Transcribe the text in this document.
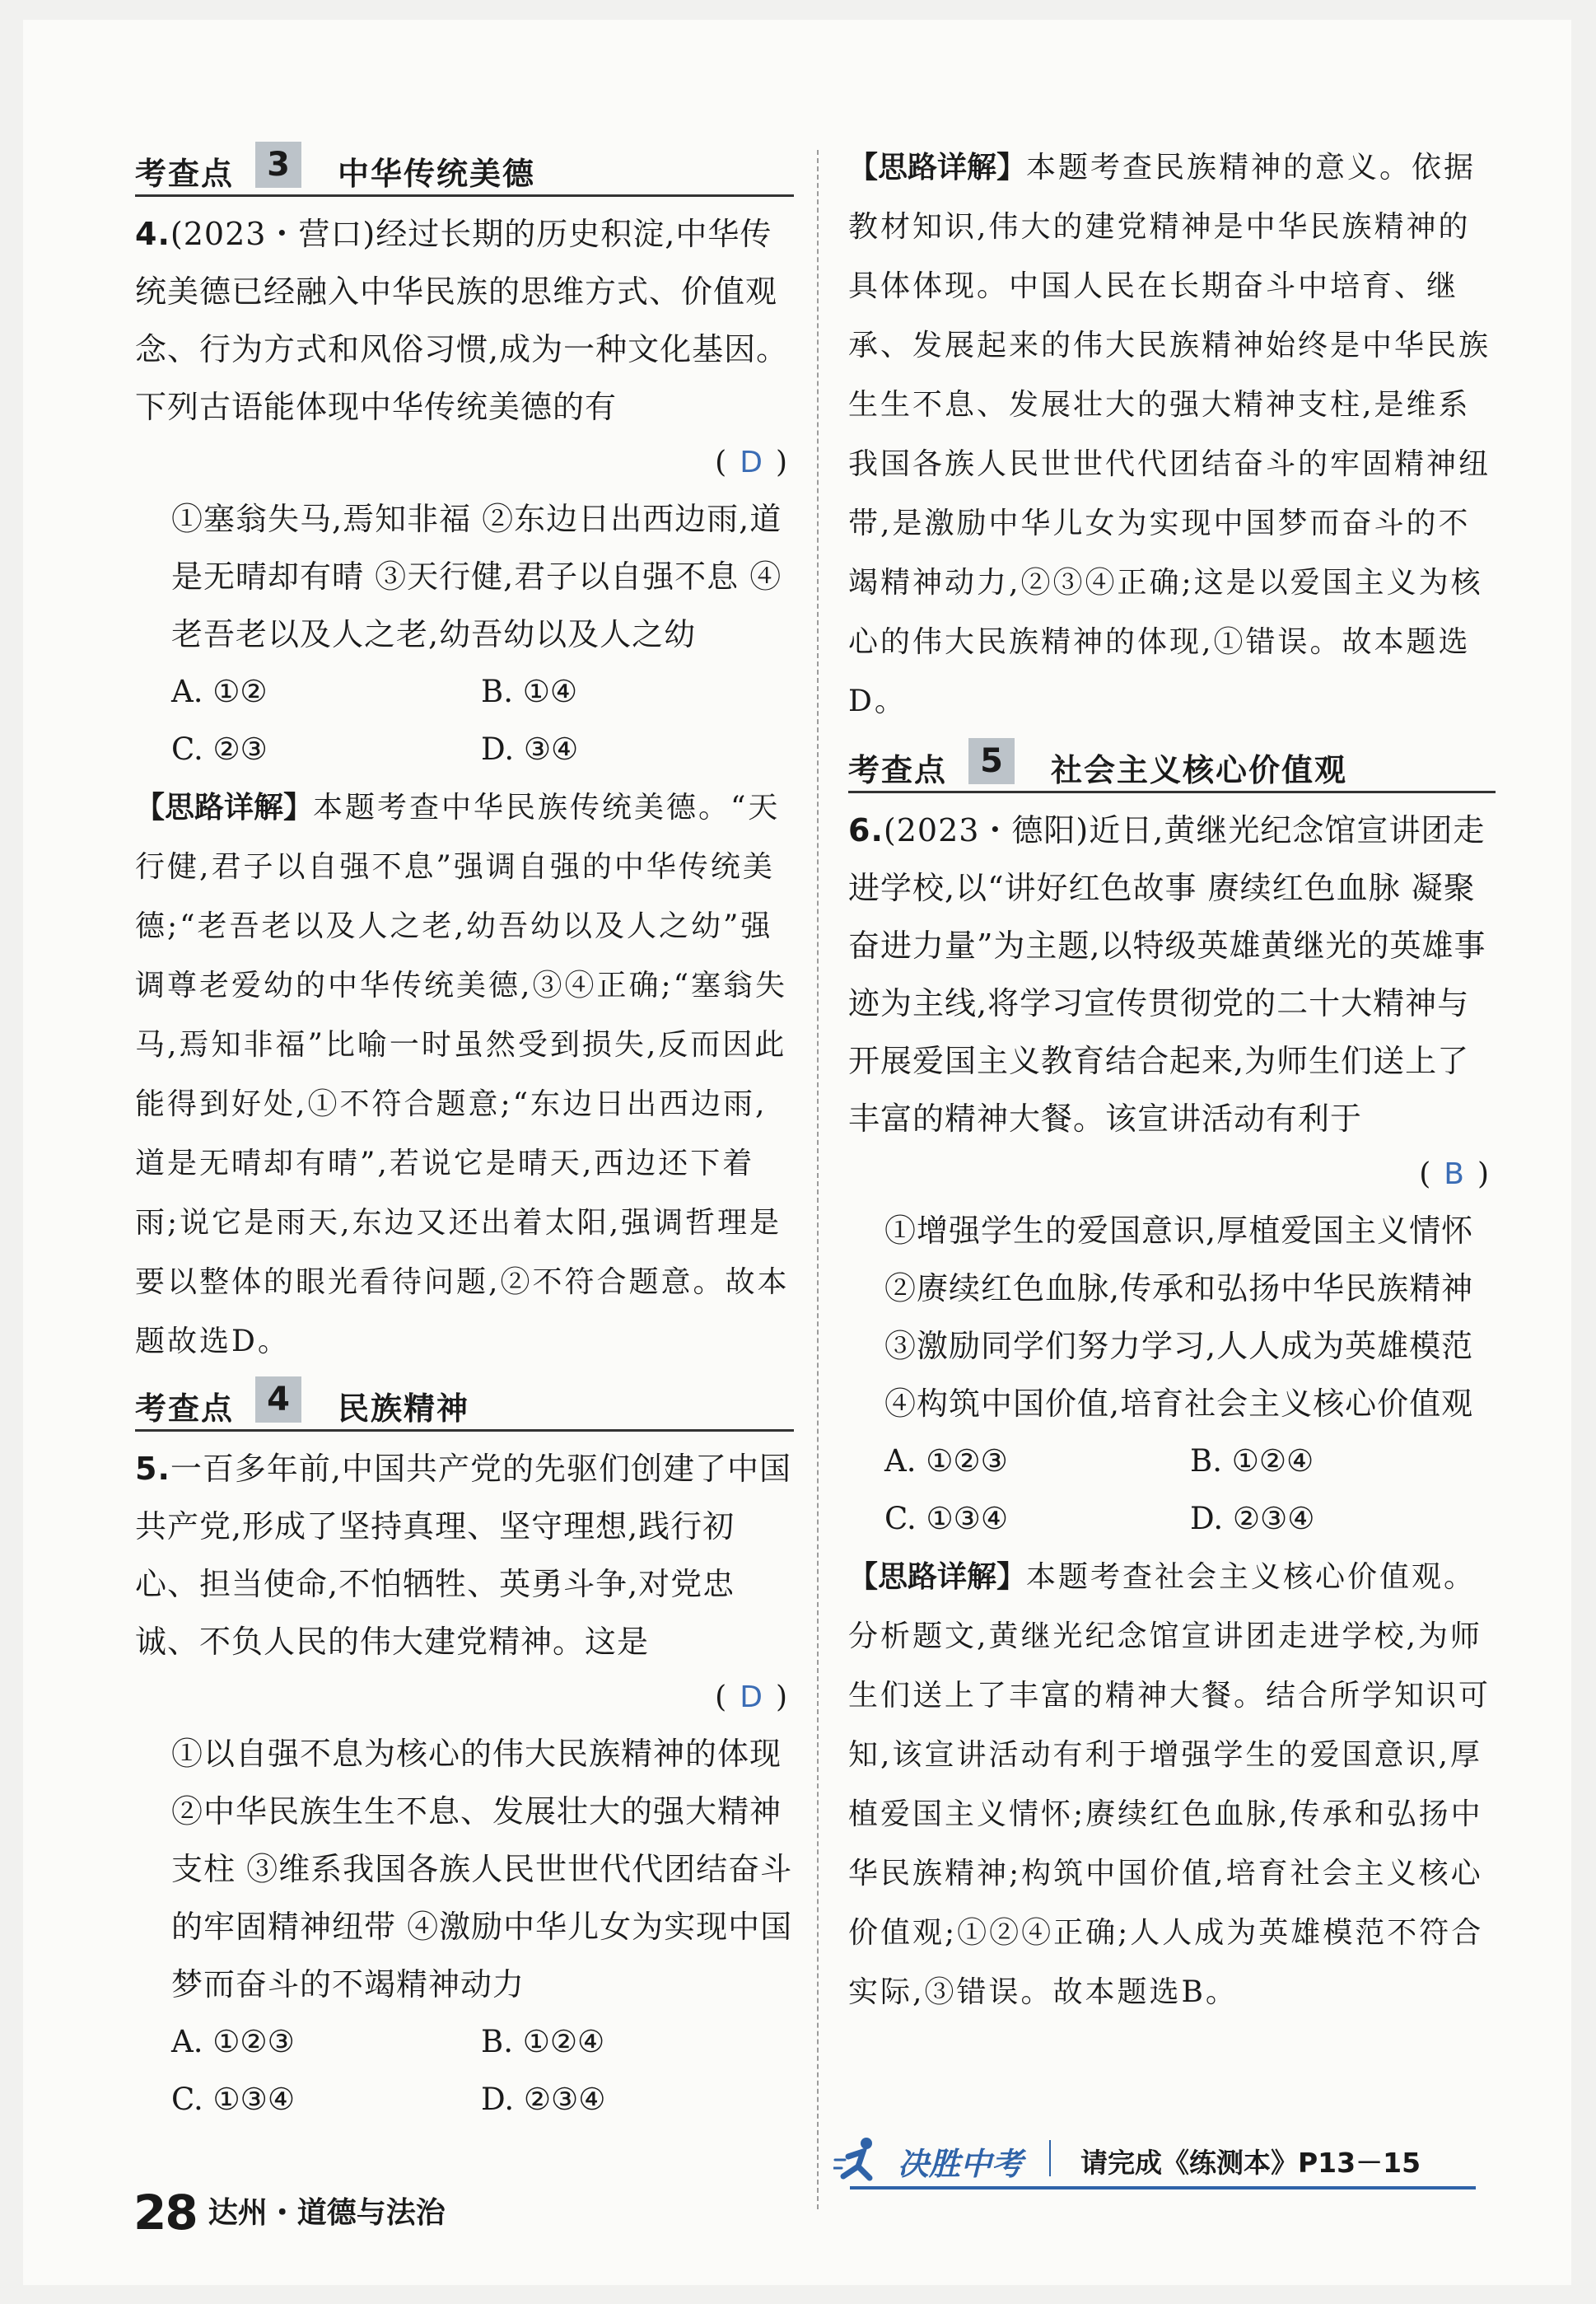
考查点	3	中华传统美德
4.(2023・营口)经过长期的历史积淀,中华传统美德已经融入中华民族的思维方式、价值观念、行为方式和风俗习惯,成为一种文化基因。下列古语能体现中华传统美德的有
( D )
①塞翁失马,焉知非福 ②东边日出西边雨,道是无晴却有晴 ③天行健,君子以自强不息 ④老吾老以及人之老,幼吾幼以及人之幼
A. ①②	B. ①④
C. ②③	D. ③④
【思路详解】本题考查中华民族传统美德。“天行健,君子以自强不息”强调自强的中华传统美德;“老吾老以及人之老,幼吾幼以及人之幼”强调尊老爱幼的中华传统美德,③④正确;“塞翁失马,焉知非福”比喻一时虽然受到损失,反而因此能得到好处,①不符合题意;“东边日出西边雨,道是无晴却有晴”,若说它是晴天,西边还下着雨;说它是雨天,东边又还出着太阳,强调哲理是要以整体的眼光看待问题,②不符合题意。故本题故选D。
考查点	4	民族精神
5.一百多年前,中国共产党的先驱们创建了中国共产党,形成了坚持真理、坚守理想,践行初心、担当使命,不怕牺牲、英勇斗争,对党忠诚、不负人民的伟大建党精神。这是
( D )
①以自强不息为核心的伟大民族精神的体现 ②中华民族生生不息、发展壮大的强大精神支柱 ③维系我国各族人民世世代代团结奋斗的牢固精神纽带 ④激励中华儿女为实现中国梦而奋斗的不竭精神动力
A. ①②③	B. ①②④
C. ①③④	D. ②③④
【思路详解】本题考查民族精神的意义。依据教材知识,伟大的建党精神是中华民族精神的具体体现。中国人民在长期奋斗中培育、继承、发展起来的伟大民族精神始终是中华民族生生不息、发展壮大的强大精神支柱,是维系我国各族人民世世代代团结奋斗的牢固精神纽带,是激励中华儿女为实现中国梦而奋斗的不竭精神动力,②③④正确;这是以爱国主义为核心的伟大民族精神的体现,①错误。故本题选D。
考查点	5	社会主义核心价值观
6.(2023・德阳)近日,黄继光纪念馆宣讲团走进学校,以“讲好红色故事 赓续红色血脉 凝聚奋进力量”为主题,以特级英雄黄继光的英雄事迹为主线,将学习宣传贯彻党的二十大精神与开展爱国主义教育结合起来,为师生们送上了丰富的精神大餐。该宣讲活动有利于
( B )
①增强学生的爱国意识,厚植爱国主义情怀
②赓续红色血脉,传承和弘扬中华民族精神
③激励同学们努力学习,人人成为英雄模范
④构筑中国价值,培育社会主义核心价值观
A. ①②③	B. ①②④
C. ①③④	D. ②③④
【思路详解】本题考查社会主义核心价值观。分析题文,黄继光纪念馆宣讲团走进学校,为师生们送上了丰富的精神大餐。结合所学知识可知,该宣讲活动有利于增强学生的爱国意识,厚植爱国主义情怀;赓续红色血脉,传承和弘扬中华民族精神;构筑中国价值,培育社会主义核心价值观;①②④正确;人人成为英雄模范不符合实际,③错误。故本题选B。
28 达州・道德与法治
决胜中考 请完成《练测本》P13－15
